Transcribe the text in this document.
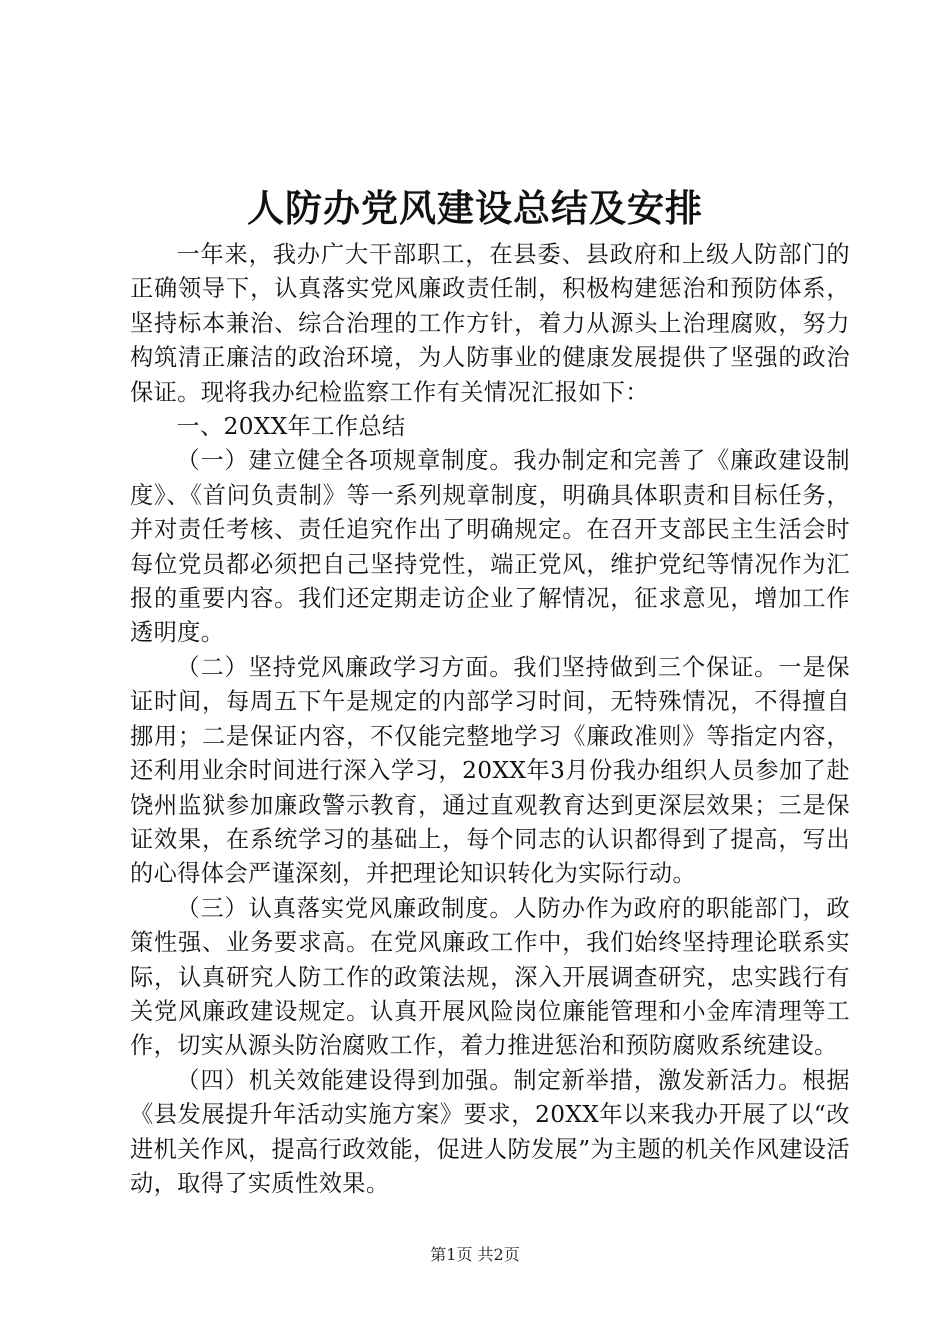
人防办党风建设总结及安排

一年来，我办广大干部职工，在县委、县政府和上级人防部门的正确领导下，认真落实党风廉政责任制，积极构建惩治和预防体系，坚持标本兼治、综合治理的工作方针，着力从源头上治理腐败，努力构筑清正廉洁的政治环境，为人防事业的健康发展提供了坚强的政治保证。现将我办纪检监察工作有关情况汇报如下：

一、20XX年工作总结

（一）建立健全各项规章制度。我办制定和完善了《廉政建设制度》、《首问负责制》等一系列规章制度，明确具体职责和目标任务，并对责任考核、责任追究作出了明确规定。在召开支部民主生活会时每位党员都必须把自己坚持党性，端正党风，维护党纪等情况作为汇报的重要内容。我们还定期走访企业了解情况，征求意见，增加工作透明度。

（二）坚持党风廉政学习方面。我们坚持做到三个保证。一是保证时间，每周五下午是规定的内部学习时间，无特殊情况，不得擅自挪用；二是保证内容，不仅能完整地学习《廉政准则》等指定内容，还利用业余时间进行深入学习，20XX年3月份我办组织人员参加了赴饶州监狱参加廉政警示教育，通过直观教育达到更深层效果；三是保证效果，在系统学习的基础上，每个同志的认识都得到了提高，写出的心得体会严谨深刻，并把理论知识转化为实际行动。

（三）认真落实党风廉政制度。人防办作为政府的职能部门，政策性强、业务要求高。在党风廉政工作中，我们始终坚持理论联系实际，认真研究人防工作的政策法规，深入开展调查研究，忠实践行有关党风廉政建设规定。认真开展风险岗位廉能管理和小金库清理等工作，切实从源头防治腐败工作，着力推进惩治和预防腐败系统建设。

（四）机关效能建设得到加强。制定新举措，激发新活力。根据《县发展提升年活动实施方案》要求，20XX年以来我办开展了以“改进机关作风，提高行政效能，促进人防发展”为主题的机关作风建设活动，取得了实质性效果。

第1页 共2页
